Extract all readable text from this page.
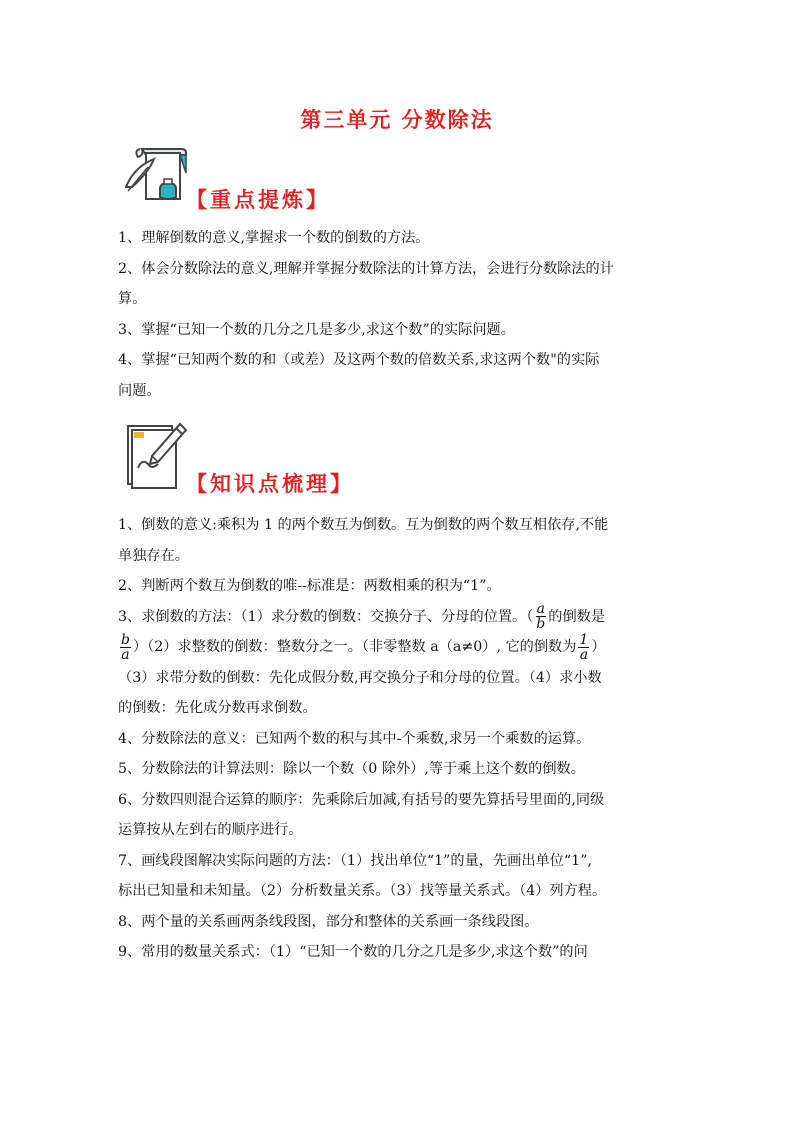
第三单元 分数除法
【重点提炼】
1、理解倒数的意义,掌握求一个数的倒数的方法。
2、体会分数除法的意义,理解并掌握分数除法的计算方法，会进行分数除法的计
算。
3、掌握“已知一个数的几分之几是多少,求这个数”的实际问题。
4、掌握“已知两个数的和（或差）及这两个数的倍数关系,求这两个数"的实际
问题。
【知识点梳理】
1、倒数的意义:乘积为 1 的两个数互为倒数。互为倒数的两个数互相依存,不能
单独存在。
2、判断两个数互为倒数的唯--标准是：两数相乘的积为“1”。
3、求倒数的方法：（1）求分数的倒数：交换分子、分母的位置。（ $\frac{a}{b}$ 的倒数是
$\frac{b}{a} )(2)$求整数的倒数：整数分之一。（非零整数 a（a≠0）, 它的倒数为 $\frac{1}{a}$ ）
（3）求带分数的倒数：先化成假分数,再交换分子和分母的位置。（4）求小数
的倒数：先化成分数再求倒数。
4、分数除法的意义：已知两个数的积与其中-个乘数,求另一个乘数的运算。
5、分数除法的计算法则：除以一个数（0 除外）,等于乘上这个数的倒数。
6、分数四则混合运算的顺序：先乘除后加减,有括号的要先算括号里面的,同级
运算按从左到右的顺序进行。
7、画线段图解决实际问题的方法：（1）找出单位“1”的量，先画出单位“1”,
标出已知量和未知量。（2）分析数量关系。（3）找等量关系式。（4）列方程。
8、两个量的关系画两条线段图，部分和整体的关系画一条线段图。
9、常用的数量关系式：（1）“已知一个数的几分之几是多少,求这个数”的问
